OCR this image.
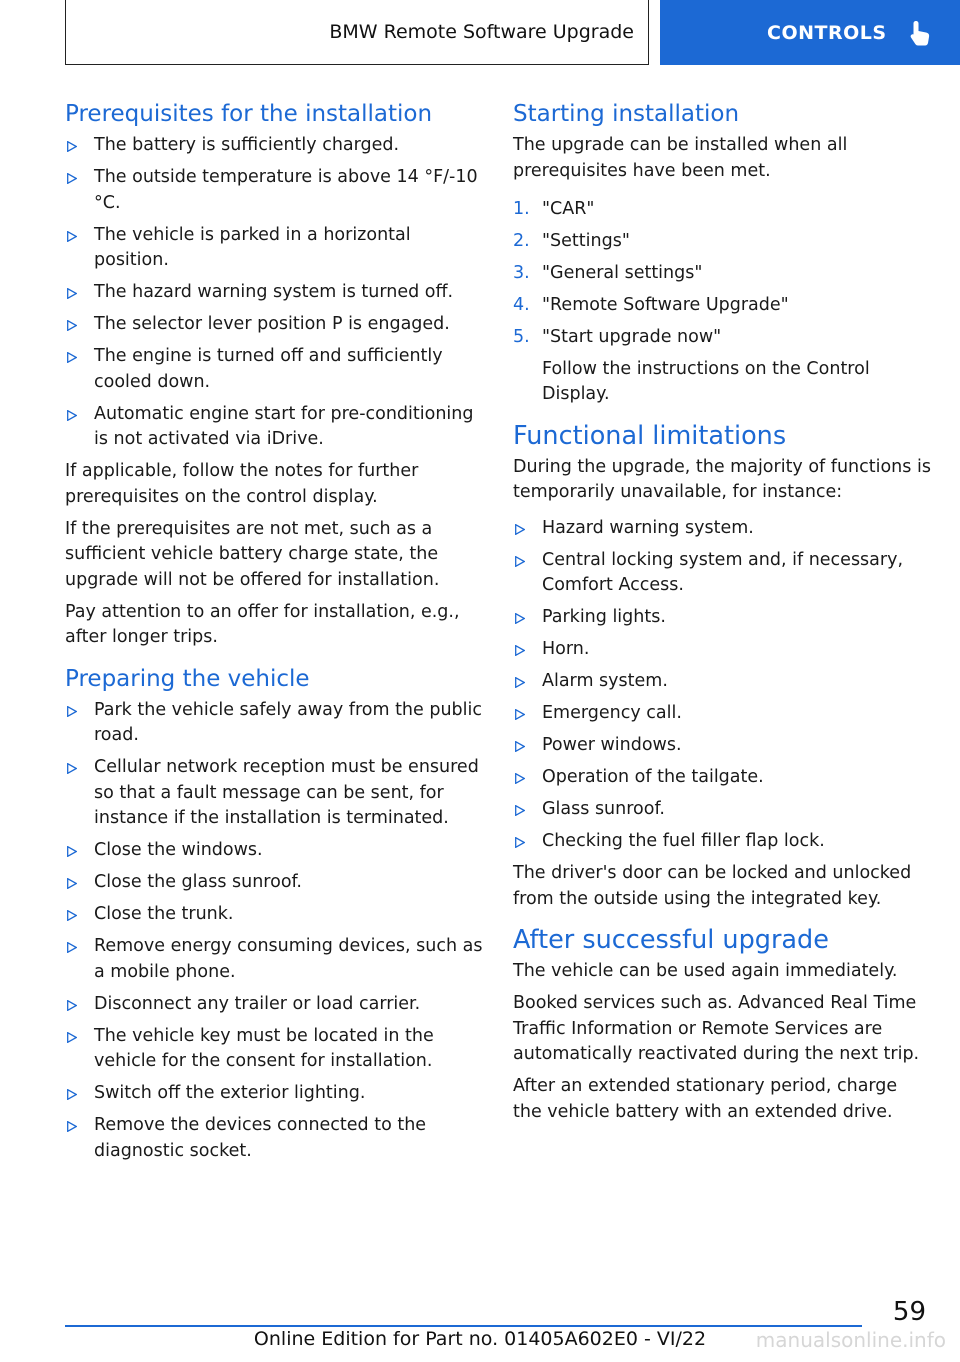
BMW Remote Software Upgrade	CONTROLS
Prerequisites for the installation
The battery is sufficiently charged.
The outside temperature is above 14 °F/-10 °C.
The vehicle is parked in a horizontal position.
The hazard warning system is turned off.
The selector lever position P is engaged.
The engine is turned off and sufficiently cooled down.
Automatic engine start for pre-conditioning is not activated via iDrive.

If applicable, follow the notes for further prerequisites on the control display.

If the prerequisites are not met, such as a sufficient vehicle battery charge state, the upgrade will not be offered for installation.

Pay attention to an offer for installation, e.g., after longer trips.

Preparing the vehicle
Park the vehicle safely away from the public road.
Cellular network reception must be ensured so that a fault message can be sent, for instance if the installation is terminated.
Close the windows.
Close the glass sunroof.
Close the trunk.
Remove energy consuming devices, such as a mobile phone.
Disconnect any trailer or load carrier.
The vehicle key must be located in the vehicle for the consent for installation.
Switch off the exterior lighting.
Remove the devices connected to the diagnostic socket.
Starting installation

The upgrade can be installed when all prerequisites have been met.

1. "CAR"
2. "Settings"
3. "General settings"
4. "Remote Software Upgrade"
5. "Start upgrade now"
Follow the instructions on the Control Display.
Functional limitations

During the upgrade, the majority of functions is temporarily unavailable, for instance:

Hazard warning system.
Central locking system and, if necessary, Comfort Access.
Parking lights.
Horn.
Alarm system.
Emergency call.
Power windows.
Operation of the tailgate.
Glass sunroof.
Checking the fuel filler flap lock.

The driver's door can be locked and unlocked from the outside using the integrated key.

After successful upgrade

The vehicle can be used again immediately.

Booked services such as. Advanced Real Time Traffic Information or Remote Services are automatically reactivated during the next trip.

After an extended stationary period, charge the vehicle battery with an extended drive.

59
Online Edition for Part no. 01405A602E0 - VI/22	manualsonline.info
